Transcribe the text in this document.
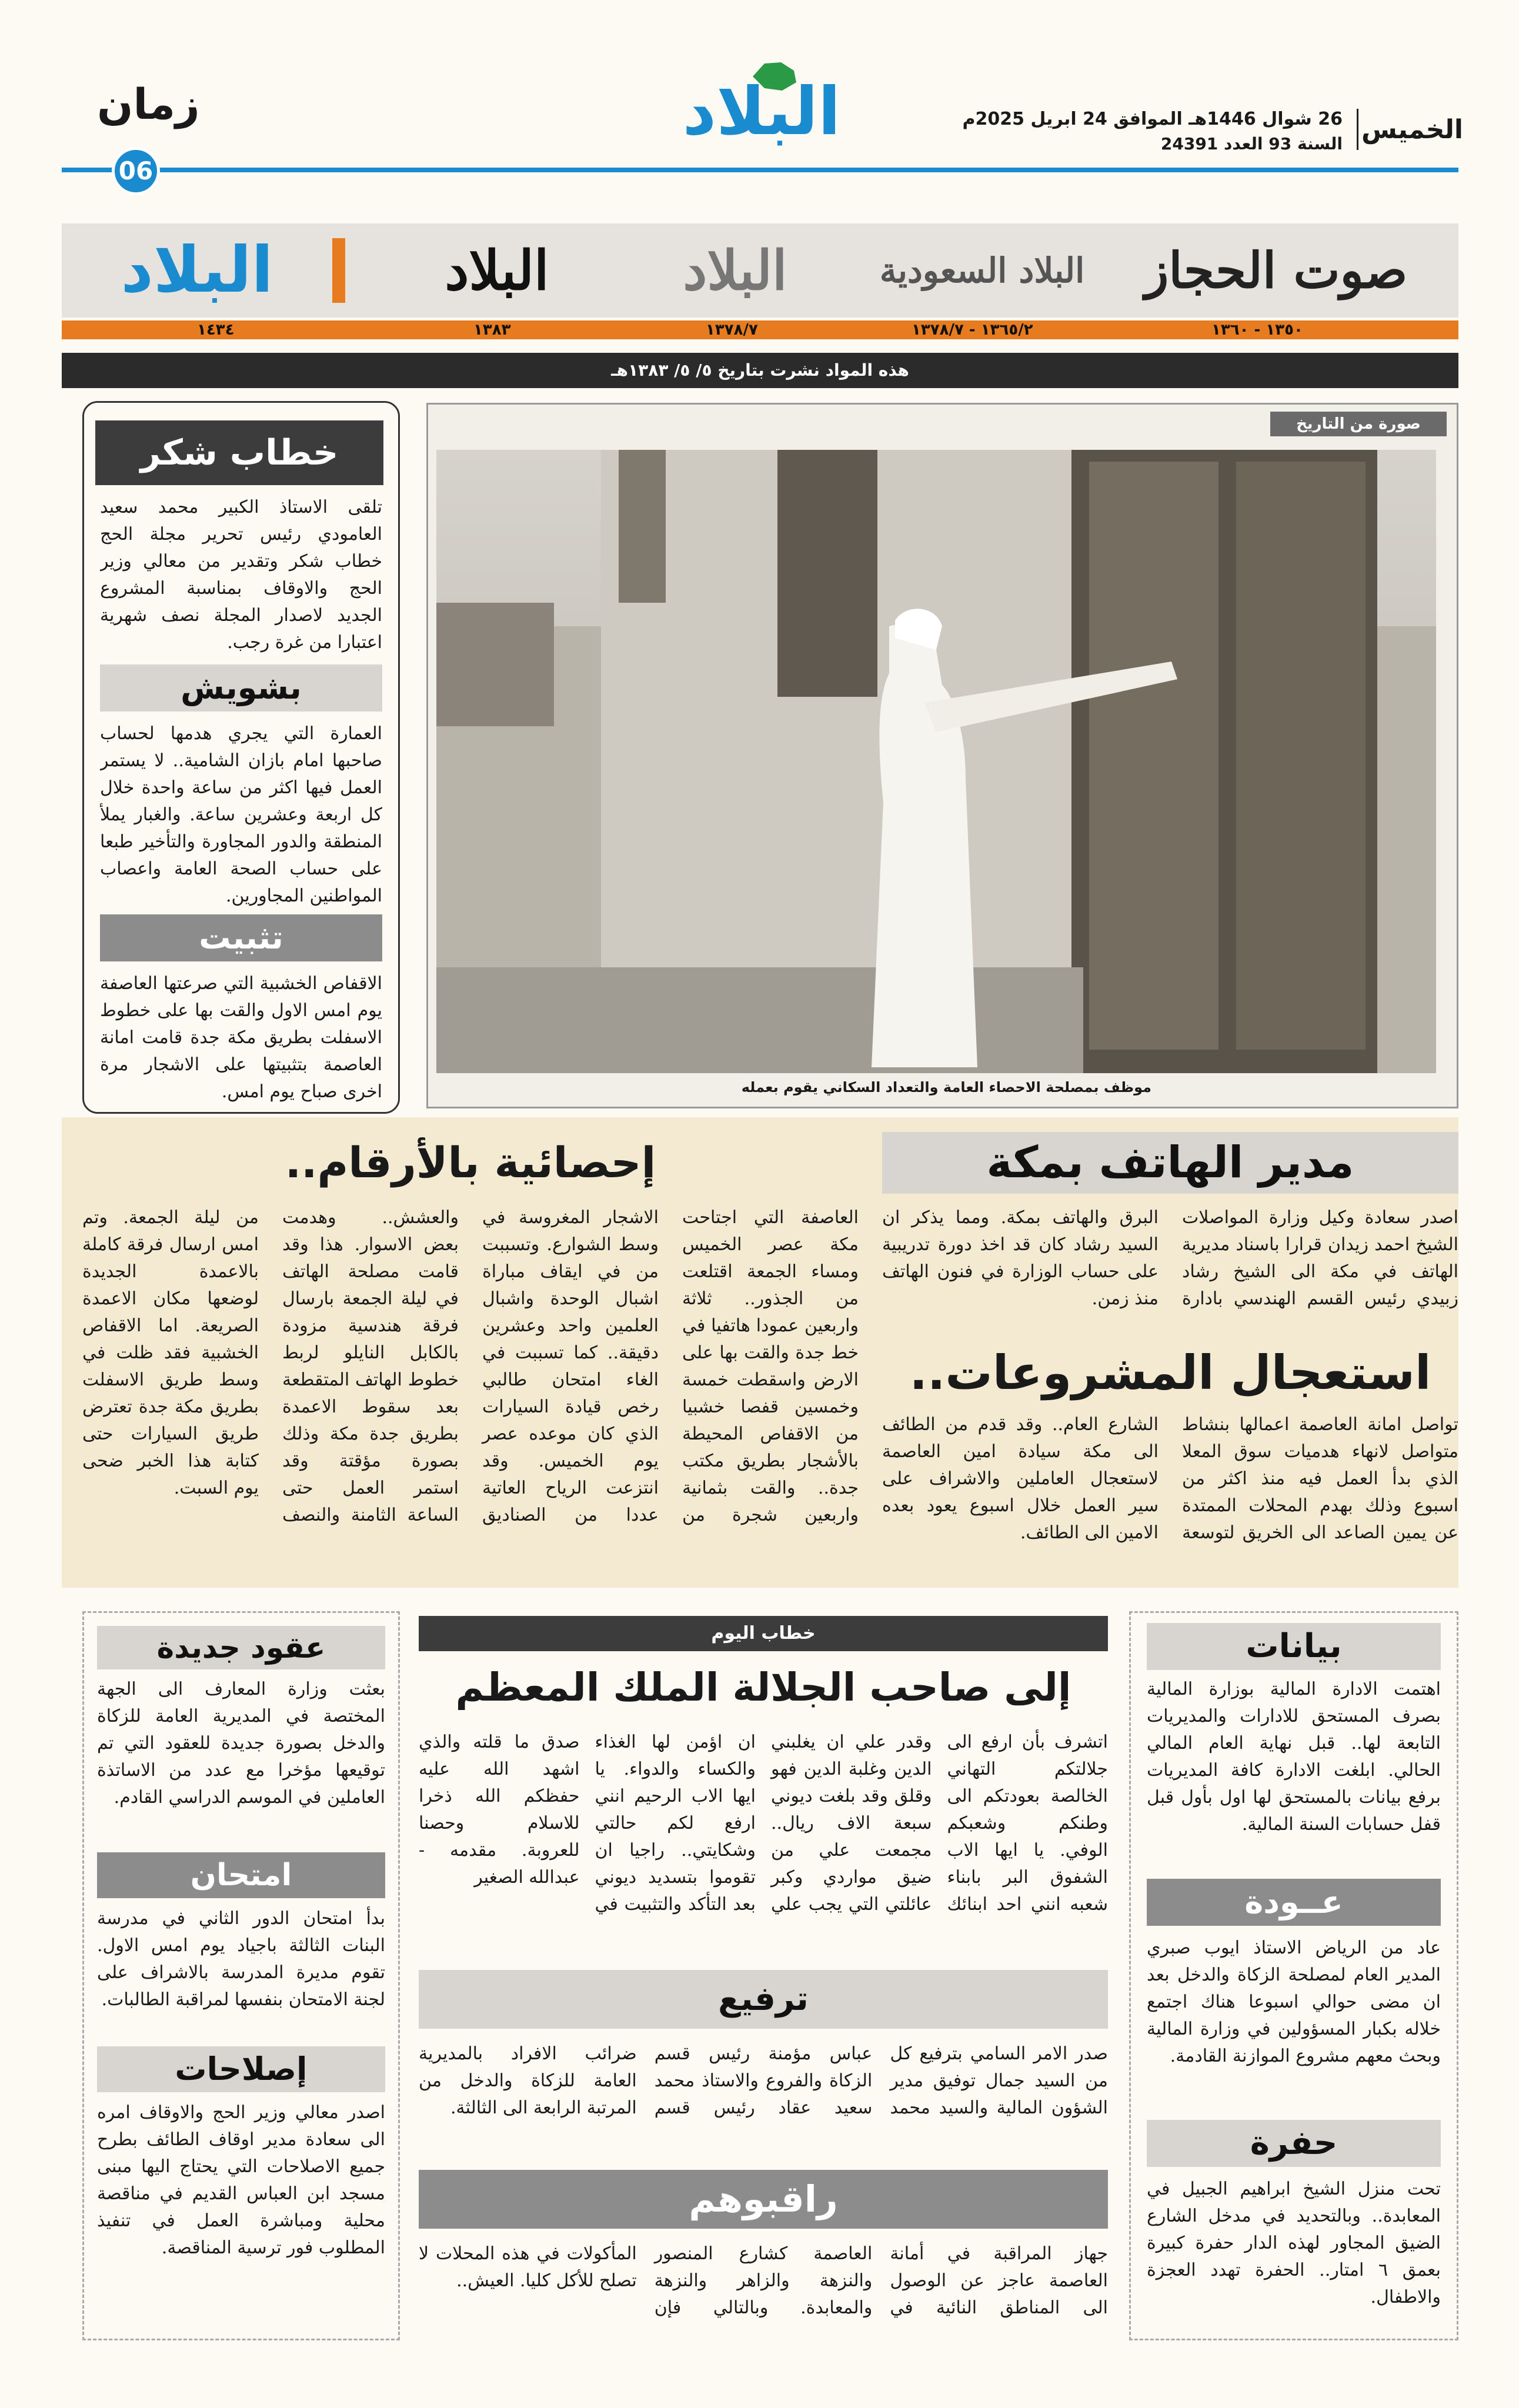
الخميس
26 شوال 1446هـ الموافق 24 ابريل 2025م
السنة 93 العدد 24391
البلاد
زمان
06
صوت الحجاز
البلاد السعودية
البلاد
البلاد
البلاد
١٣٥٠ - ١٣٦٠
١٣٦٥/٢ - ١٣٧٨/٧
١٣٧٨/٧
١٣٨٣
١٤٣٤
هذه المواد نشرت بتاريخ ٥/ ٥/ ١٣٨٣هـ
صورة من التاريخ
موظف بمصلحة الاحصاء العامة والتعداد السكاني يقوم بعمله
خطاب شكر
تلقى الاستاذ الكبير محمد سعيد العامودي رئيس تحرير مجلة الحج خطاب شكر وتقدير من معالي وزير الحج والاوقاف بمناسبة المشروع الجديد لاصدار المجلة نصف شهرية اعتبارا من غرة رجب.
بشويش
العمارة التي يجري هدمها لحساب صاحبها امام بازان الشامية.. لا يستمر العمل فيها اكثر من ساعة واحدة خلال كل اربعة وعشرين ساعة. والغبار يملأ المنطقة والدور المجاورة والتأخير طبعا على حساب الصحة العامة واعصاب المواطنين المجاورين.
تثبيت
الاقفاص الخشبية التي صرعتها العاصفة يوم امس الاول والقت بها على خطوط الاسفلت بطريق مكة جدة قامت امانة العاصمة بتثبيتها على الاشجار مرة اخرى صباح يوم امس.
مدير الهاتف بمكة
اصدر سعادة وكيل وزارة المواصلات الشيخ احمد زيدان قرارا باسناد مديرية الهاتف في مكة الى الشيخ رشاد زبيدي رئيس القسم الهندسي بادارة البرق والهاتف بمكة. ومما يذكر ان السيد رشاد كان قد اخذ دورة تدريبية على حساب الوزارة في فنون الهاتف منذ زمن.
استعجال المشروعات..
تواصل امانة العاصمة اعمالها بنشاط متواصل لانهاء هدميات سوق المعلا الذي بدأ العمل فيه منذ اكثر من اسبوع وذلك بهدم المحلات الممتدة عن يمين الصاعد الى الخريق لتوسعة الشارع العام.. وقد قدم من الطائف الى مكة سيادة امين العاصمة لاستعجال العاملين والاشراف على سير العمل خلال اسبوع يعود بعده الامين الى الطائف.
إحصائية بالأرقام..
العاصفة التي اجتاحت مكة عصر الخميس ومساء الجمعة اقتلعت من الجذور.. ثلاثة واربعين عمودا هاتفيا في خط جدة والقت بها على الارض واسقطت خمسة وخمسين قفصا خشبيا من الاقفاص المحيطة بالأشجار بطريق مكتب جدة.. والقت بثمانية واربعين شجرة من الاشجار المغروسة في وسط الشوارع. وتسببت من في ايقاف مباراة اشبال الوحدة واشبال العلمين واحد وعشرين دقيقة.. كما تسببت في الغاء امتحان طالبي رخص قيادة السيارات الذي كان موعده عصر يوم الخميس. وقد انتزعت الرياح العاتية عددا من الصناديق والعشش.. وهدمت بعض الاسوار. هذا وقد قامت مصلحة الهاتف في ليلة الجمعة بارسال فرقة هندسية مزودة بالكابل النايلو لربط خطوط الهاتف المتقطعة بعد سقوط الاعمدة بطريق جدة مكة وذلك بصورة مؤقتة وقد استمر العمل حتى الساعة الثامنة والنصف من ليلة الجمعة. وتم امس ارسال فرقة كاملة بالاعمدة الجديدة لوضعها مكان الاعمدة الصريعة. اما الاقفاص الخشبية فقد ظلت في وسط طريق الاسفلت بطريق مكة جدة تعترض طريق السيارات حتى كتابة هذا الخبر ضحى يوم السبت.
عقود جديدة
بعثت وزارة المعارف الى الجهة المختصة في المديرية العامة للزكاة والدخل بصورة جديدة للعقود التي تم توقيعها مؤخرا مع عدد من الاساتذة العاملين في الموسم الدراسي القادم.
امتحان
بدأ امتحان الدور الثاني في مدرسة البنات الثالثة باجياد يوم امس الاول. تقوم مديرة المدرسة بالاشراف على لجنة الامتحان بنفسها لمراقبة الطالبات.
إصلاحات
اصدر معالي وزير الحج والاوقاف امره الى سعادة مدير اوقاف الطائف بطرح جميع الاصلاحات التي يحتاج اليها مبنى مسجد ابن العباس القديم في مناقصة محلية ومباشرة العمل في تنفيذ المطلوب فور ترسية المناقصة.
خطاب اليوم
إلى صاحب الجلالة الملك المعظم
اتشرف بأن ارفع الى جلالتكم التهاني الخالصة بعودتكم الى وطنكم وشعبكم الوفي. يا ايها الاب الشفوق البر بابناء شعبه انني احد ابنائك وقدر علي ان يغلبني الدين وغلبة الدين فهو وقلق وقد بلغت ديوني سبعة الاف ريال.. مجمعت علي من ضيق مواردي وكبر عائلتي التي يجب علي ان اؤمن لها الغذاء والكساء والدواء. يا ايها الاب الرحيم انني ارفع لكم حالتي وشكايتي.. راجيا ان تقوموا بتسديد ديوني بعد التأكد والتثبيت في صدق ما قلته والذي اشهد الله عليه حفظكم الله ذخرا للاسلام وحصنا للعروبة. مقدمه - عبدالله الصغير
ترفيع
صدر الامر السامي بترفيع كل من السيد جمال توفيق مدير الشؤون المالية والسيد محمد عباس مؤمنة رئيس قسم الزكاة والفروع والاستاذ محمد سعيد عقاد رئيس قسم ضرائب الافراد بالمديرية العامة للزكاة والدخل من المرتبة الرابعة الى الثالثة.
راقبوهم
جهاز المراقبة في أمانة العاصمة عاجز عن الوصول الى المناطق النائية في العاصمة كشارع المنصور والنزهة والزاهر والنزهة والمعابدة. وبالتالي فإن المأكولات في هذه المحلات لا تصلح للأكل كليا. العيش..
بيانات
اهتمت الادارة المالية بوزارة المالية بصرف المستحق للادارات والمديريات التابعة لها.. قبل نهاية العام المالي الحالي. ابلغت الادارة كافة المديريات برفع بيانات بالمستحق لها اول بأول قبل قفل حسابات السنة المالية.
عــودة
عاد من الرياض الاستاذ ايوب صبري المدير العام لمصلحة الزكاة والدخل بعد ان مضى حوالي اسبوعا هناك اجتمع خلاله بكبار المسؤولين في وزارة المالية وبحث معهم مشروع الموازنة القادمة.
حفرة
تحت منزل الشيخ ابراهيم الجبيل في المعابدة.. وبالتحديد في مدخل الشارع الضيق المجاور لهذه الدار حفرة كبيرة بعمق ٦ امتار.. الحفرة تهدد العجزة والاطفال.
